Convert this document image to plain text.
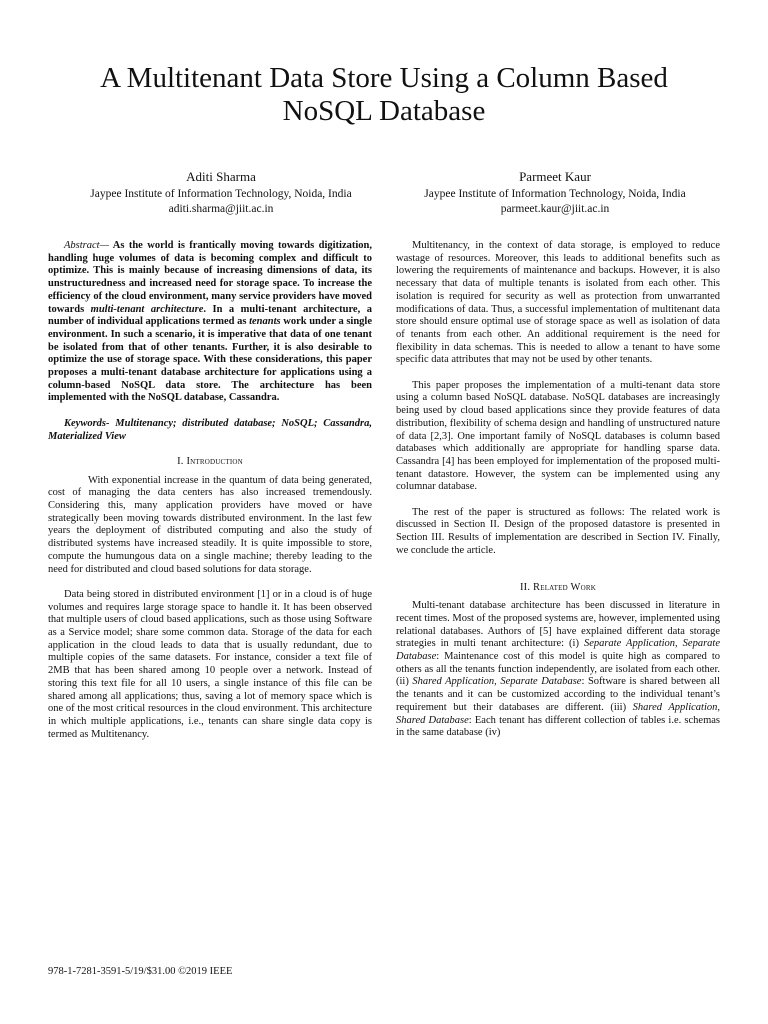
A Multitenant Data Store Using a Column Based
NoSQL Database
Aditi Sharma
Jaypee Institute of Information Technology, Noida, India
aditi.sharma@jiit.ac.in
Parmeet Kaur
Jaypee Institute of Information Technology, Noida, India
parmeet.kaur@jiit.ac.in

Abstract— As the world is frantically moving towards digitization, handling huge volumes of data is becoming complex and difficult to optimize. This is mainly because of increasing dimensions of data, its unstructuredness and increased need for storage space. To increase the efficiency of the cloud environment, many service providers have moved towards multi-tenant architecture. In a multi-tenant architecture, a number of individual applications termed as tenants work under a single environment. In such a scenario, it is imperative that data of one tenant be isolated from that of other tenants. Further, it is also desirable to optimize the use of storage space. With these considerations, this paper proposes a multi-tenant database architecture for applications using a column-based NoSQL data store. The architecture has been implemented with the NoSQL database, Cassandra.

Keywords- Multitenancy; distributed database; NoSQL; Cassandra, Materialized View

I. Introduction

With exponential increase in the quantum of data being generated, cost of managing the data centers has also increased tremendously. Considering this, many application providers have moved or have strategically been moving towards distributed environment. In the last few years the deployment of distributed computing and also the study of distributed systems have increased steadily. It is quite impossible to store, compute the humungous data on a single machine; thereby leading to the need for distributed and cloud based solutions for data storage.

Data being stored in distributed environment [1] or in a cloud is of huge volumes and requires large storage space to handle it. It has been observed that multiple users of cloud based applications, such as those using Software as a Service model; share some common data. Storage of the data for each application in the cloud leads to data that is usually redundant, due to multiple copies of the same datasets. For instance, consider a text file of 2MB that has been shared among 10 people over a network. Instead of storing this text file for all 10 users, a single instance of this file can be shared among all applications; thus, saving a lot of memory space which is one of the most critical resources in the cloud environment. This architecture in which multiple applications, i.e., tenants can share single data copy is termed as Multitenancy.

Multitenancy, in the context of data storage, is employed to reduce wastage of resources. Moreover, this leads to additional benefits such as lowering the requirements of maintenance and backups. However, it is also necessary that data of multiple tenants is isolated from each other. This isolation is required for security as well as protection from unwarranted modifications of data. Thus, a successful implementation of multitenant data store should ensure optimal use of storage space as well as isolation of data of tenants from each other. An additional requirement is the need for flexibility in data schemas. This is needed to allow a tenant to have some specific data attributes that may not be used by other tenants.

This paper proposes the implementation of a multi-tenant data store using a column based NoSQL database. NoSQL databases are increasingly being used by cloud based applications since they provide features of data distribution, flexibility of schema design and handling of unstructured nature of data [2,3]. One important family of NoSQL databases is column based databases which additionally are appropriate for handling sparse data. Cassandra [4] has been employed for implementation of the proposed multi-tenant datastore. However, the system can be implemented using any columnar database.

The rest of the paper is structured as follows: The related work is discussed in Section II. Design of the proposed datastore is presented in Section III. Results of implementation are described in Section IV. Finally, we conclude the article.

II. Related Work

Multi-tenant database architecture has been discussed in literature in recent times. Most of the proposed systems are, however, implemented using relational databases. Authors of [5] have explained different data storage strategies in multi tenant architecture: (i) Separate Application, Separate Database: Maintenance cost of this model is quite high as compared to others as all the tenants function independently, are isolated from each other. (ii) Shared Application, Separate Database: Software is shared between all the tenants and it can be customized according to the individual tenant’s requirement but their databases are different. (iii) Shared Application, Shared Database: Each tenant has different collection of tables i.e. schemas in the same database (iv)

978-1-7281-3591-5/19/$31.00 ©2019 IEEE
